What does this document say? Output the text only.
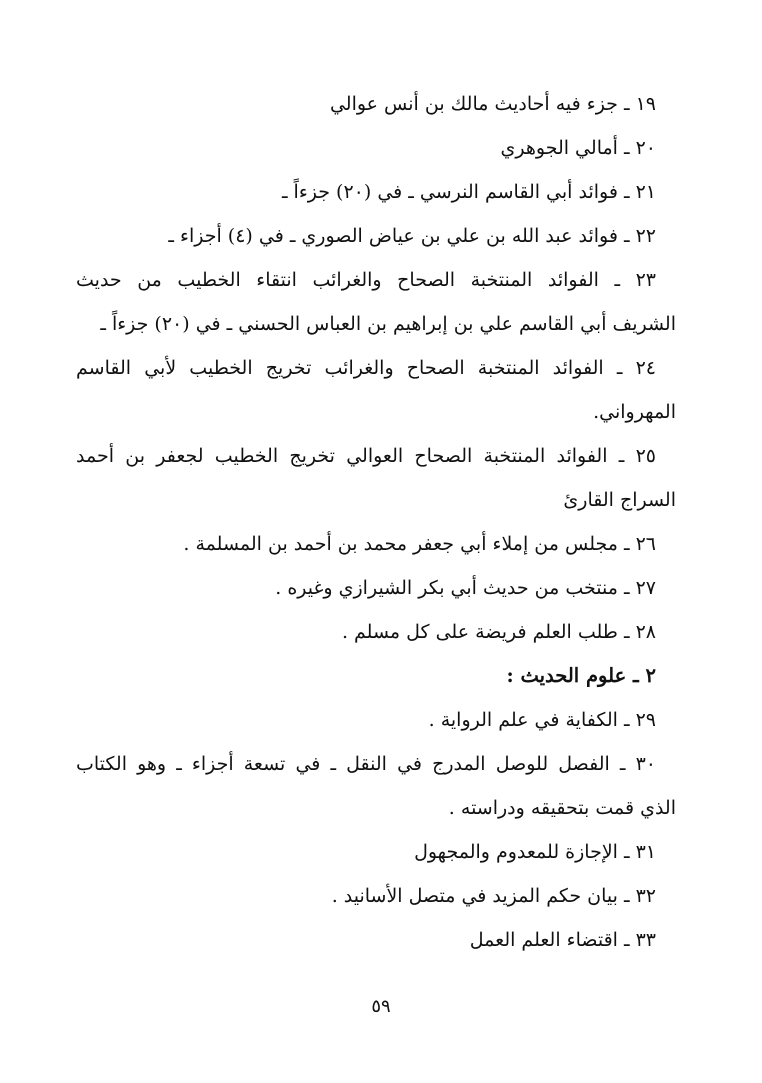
١٩ ـ جزء فيه أحاديث مالك بن أنس عوالي
٢٠ ـ أمالي الجوهري
٢١ ـ فوائد أبي القاسم النرسي ـ في (٢٠) جزءاً ـ
٢٢ ـ فوائد عبد الله بن علي بن عياض الصوري ـ في (٤) أجزاء ـ
٢٣ ـ الفوائد المنتخبة الصحاح والغرائب انتقاء الخطيب من حديث
الشريف أبي القاسم علي بن إبراهيم بن العباس الحسني ـ في (٢٠) جزءاً ـ
٢٤ ـ الفوائد المنتخبة الصحاح والغرائب تخريج الخطيب لأبي القاسم
المهرواني.
٢٥ ـ الفوائد المنتخبة الصحاح العوالي تخريج الخطيب لجعفر بن أحمد
السراج القارئ
٢٦ ـ مجلس من إملاء أبي جعفر محمد بن أحمد بن المسلمة .
٢٧ ـ منتخب من حديث أبي بكر الشيرازي وغيره .
٢٨ ـ طلب العلم فريضة على كل مسلم .
٢ ـ علوم الحديث :
٢٩ ـ الكفاية في علم الرواية .
٣٠ ـ الفصل للوصل المدرج في النقل ـ في تسعة أجزاء ـ وهو الكتاب
الذي قمت بتحقيقه ودراسته .
٣١ ـ الإجازة للمعدوم والمجهول
٣٢ ـ بيان حكم المزيد في متصل الأسانيد .
٣٣ ـ اقتضاء العلم العمل
٥٩
